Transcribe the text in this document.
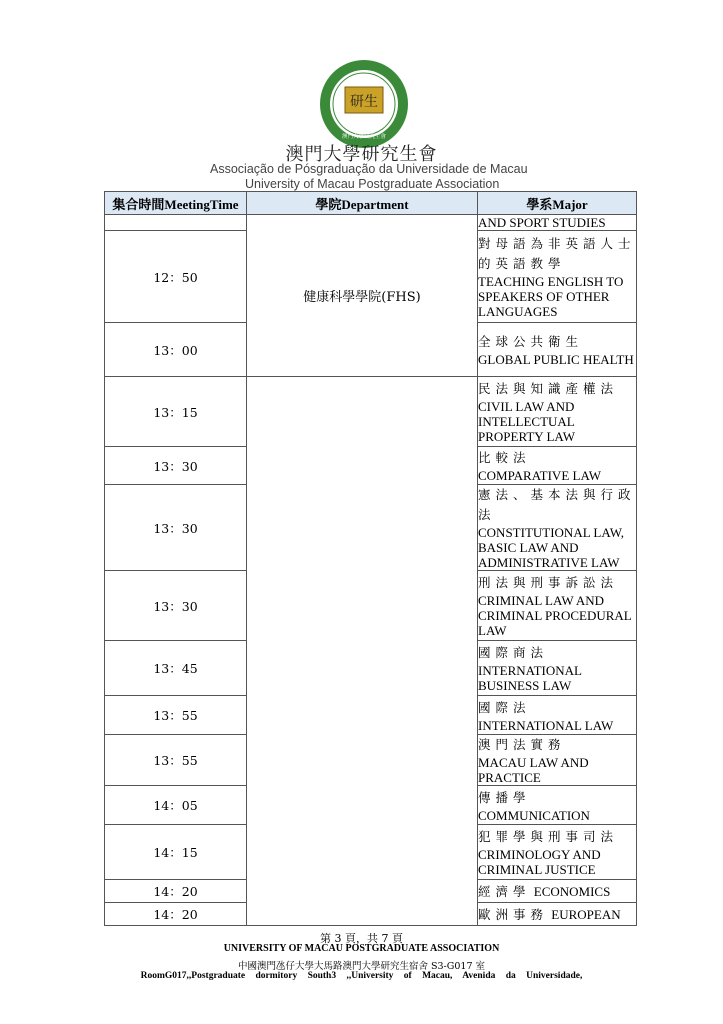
研生
澳門大學研究生會
澳門大學研究生會
Associação de Pósgraduação da Universidade de Macau
University of Macau Postgraduate Association
集合時間MeetingTime	學院Department	學系Major
	健康科學學院(FHS)	AND SPORT STUDIES

12：50		對母語為非英語人士的英語教學
TEACHING ENGLISH TO SPEAKERS OF OTHER LANGUAGES

13：00		全球公共衛生
GLOBAL PUBLIC HEALTH

13：15		民法與知識產權法
CIVIL LAW AND INTELLECTUAL PROPERTY LAW

13：30		比較法
COMPARATIVE LAW

13：30		憲法、基本法與行政法
CONSTITUTIONAL LAW, BASIC LAW AND ADMINISTRATIVE LAW

13：30		刑法與刑事訴訟法
CRIMINAL LAW AND CRIMINAL PROCEDURAL LAW

13：45		國際商法
INTERNATIONAL BUSINESS LAW

13：55		國際法
INTERNATIONAL LAW

13：55		澳門法實務
MACAU LAW AND PRACTICE

14：05		傳播學
COMMUNICATION

14：15		犯罪學與刑事司法
CRIMINOLOGY AND CRIMINAL JUSTICE

14：20		經濟學 ECONOMICS
14：20		歐洲事務 EUROPEAN
第 3 頁，共 7 頁
UNIVERSITY OF MACAU POSTGRADUATE ASSOCIATION
中國澳門氹仔大學大馬路澳門大學研究生宿舍 S3-G017 室
RoomG017,,Postgraduate dormitory South3 ,,University of Macau, Avenida da Universidade,
